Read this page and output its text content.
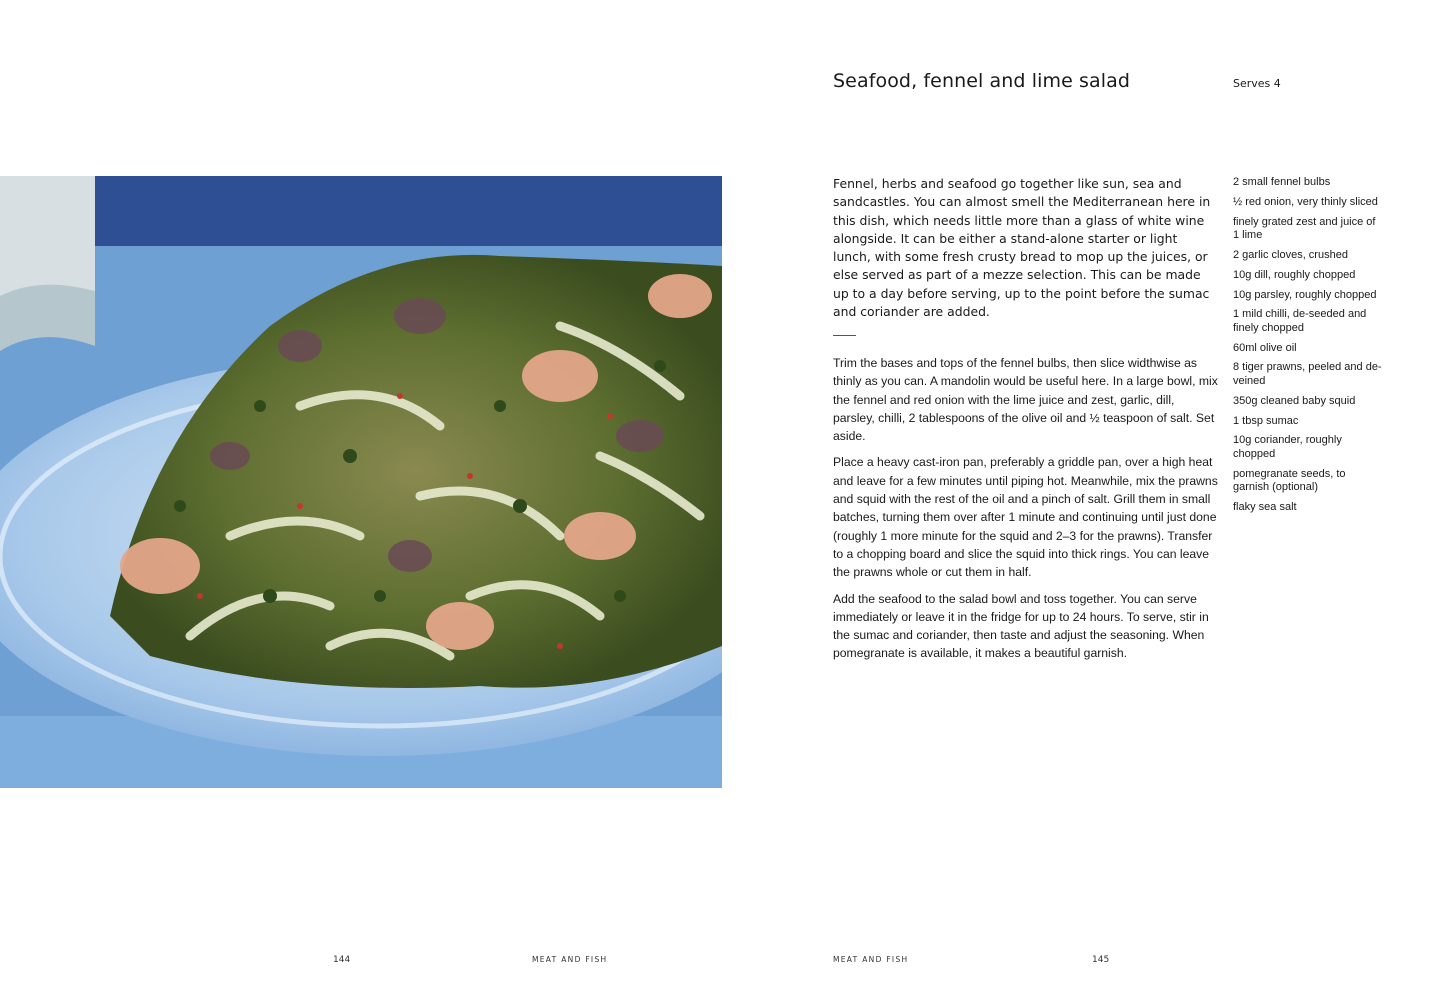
Seafood, fennel and lime salad	Serves 4

Fennel, herbs and seafood go together like sun, sea and sandcastles. You can almost smell the Mediterranean here in this dish, which needs little more than a glass of white wine alongside. It can be either a stand-alone starter or light lunch, with some fresh crusty bread to mop up the juices, or else served as part of a mezze selection. This can be made up to a day before serving, up to the point before the sumac and coriander are added.

Trim the bases and tops of the fennel bulbs, then slice widthwise as thinly as you can. A mandolin would be useful here. In a large bowl, mix the fennel and red onion with the lime juice and zest, garlic, dill, parsley, chilli, 2 tablespoons of the olive oil and ½ teaspoon of salt. Set aside.

Place a heavy cast-iron pan, preferably a griddle pan, over a high heat and leave for a few minutes until piping hot. Meanwhile, mix the prawns and squid with the rest of the oil and a pinch of salt. Grill them in small batches, turning them over after 1 minute and continuing until just done (roughly 1 more minute for the squid and 2–3 for the prawns). Transfer to a chopping board and slice the squid into thick rings. You can leave the prawns whole or cut them in half.

Add the seafood to the salad bowl and toss together. You can serve immediately or leave it in the fridge for up to 24 hours. To serve, stir in the sumac and coriander, then taste and adjust the seasoning. When pomegranate is available, it makes a beautiful garnish.

2 small fennel bulbs
½ red onion, very thinly sliced
finely grated zest and juice of 1 lime
2 garlic cloves, crushed
10g dill, roughly chopped
10g parsley, roughly chopped
1 mild chilli, de-seeded and finely chopped
60ml olive oil
8 tiger prawns, peeled and de-veined
350g cleaned baby squid
1 tbsp sumac
10g coriander, roughly chopped
pomegranate seeds, to garnish (optional)
flaky sea salt
144	MEAT AND FISH	MEAT AND FISH	145
